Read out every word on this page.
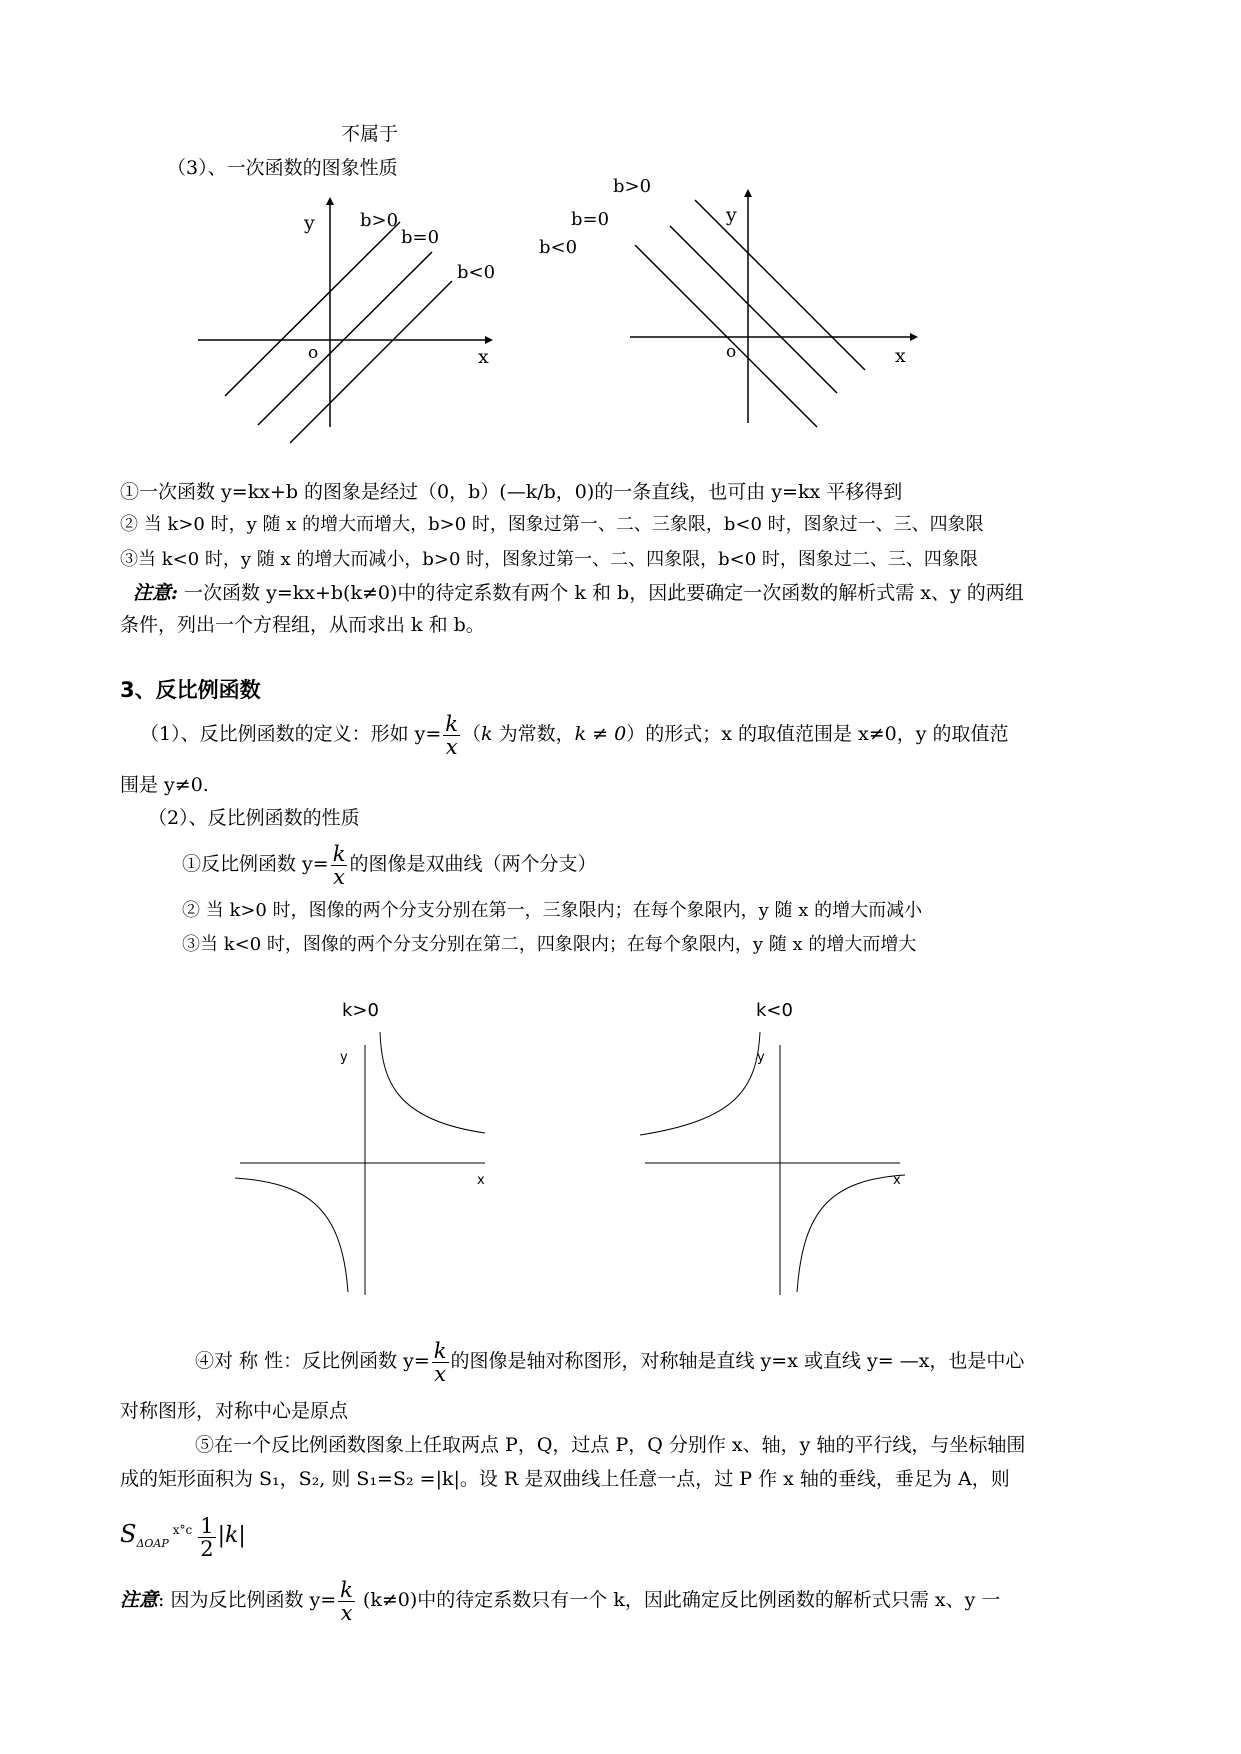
不属于
（3）、一次函数的图象性质
y
x
o
b>0
b=0
b<0
y
x
o
b>0
b=0
b<0
①一次函数 y=kx+b 的图象是经过（0，b）(—k/b，0)的一条直线，也可由 y=kx 平移得到
② 当 k>0 时，y 随 x 的增大而增大，b>0 时，图象过第一、二、三象限，b<0 时，图象过一、三、四象限
③当 k<0 时，y 随 x 的增大而减小，b>0 时，图象过第一、二、四象限，b<0 时，图象过二、三、四象限
注意: 一次函数 y=kx+b(k≠0)中的待定系数有两个 k 和 b，因此要确定一次函数的解析式需 x、y 的两组
条件，列出一个方程组，从而求出 k 和 b。
3、反比例函数
（1）、反比例函数的定义：形如 $y= \frac{k}{x} (k$ 为常数，k ≠ 0）的形式；x 的取值范围是 x≠0，y 的取值范
围是 y≠0.
（2）、反比例函数的性质
①反比例函数 $y= \frac{k}{x}$ 的图像是双曲线（两个分支）
② 当 k>0 时，图像的两个分支分别在第一，三象限内；在每个象限内，y 随 x 的增大而减小
③当 k<0 时，图像的两个分支分别在第二，四象限内；在每个象限内，y 随 x 的增大而增大
k>0	k<0
y
x
y
x
④对 称 性：反比例函数 $y= \frac{k}{x}$ 的图像是轴对称图形，对称轴是直线 y=x 或直线 y= —x，也是中心
对称图形，对称中心是原点
⑤在一个反比例函数图象上任取两点 P，Q，过点 P，Q 分别作 x、轴，y 轴的平行线，与坐标轴围
成的矩形面积为 S₁，S₂, 则 S₁=S₂ =|k|。设 R 是双曲线上任意一点，过 P 作 x 轴的垂线，垂足为 A，则
$S_{\Delta OAP}^{x^\circ c} \frac{1}{2} |k|$
注意: 因为反比例函数 $y= \frac{k}{x} (k\ne 0)$中的待定系数只有一个 k，因此确定反比例函数的解析式只需 x、y 一
